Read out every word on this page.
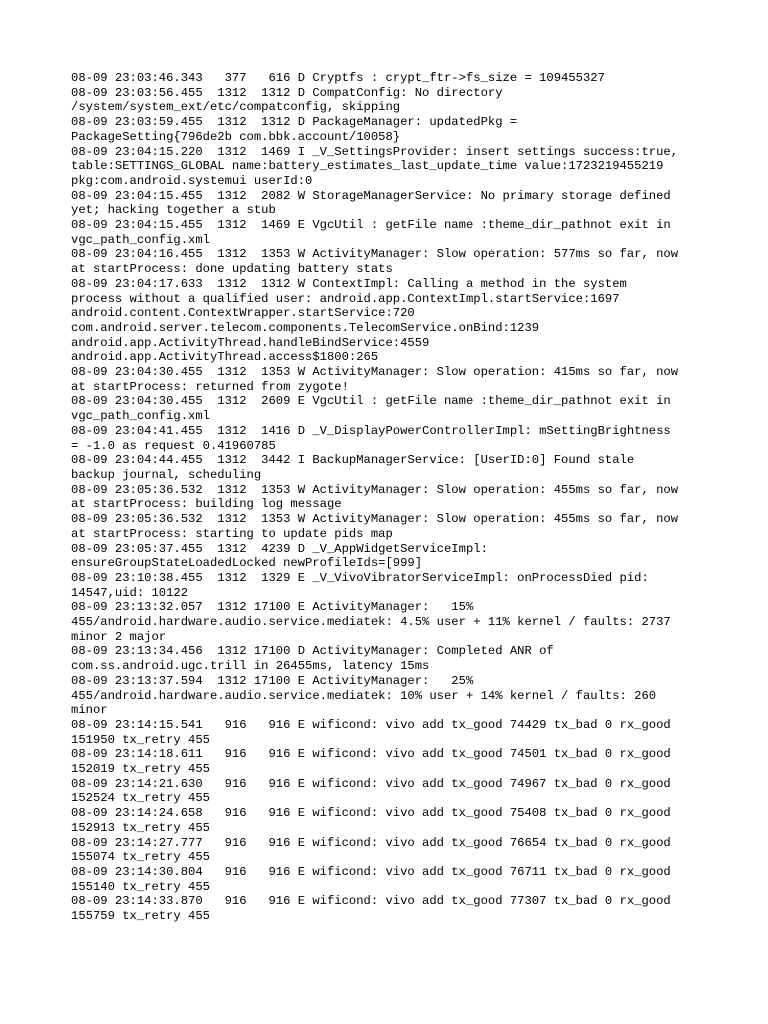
08-09 23:03:46.343   377   616 D Cryptfs : crypt_ftr->fs_size = 109455327
08-09 23:03:56.455  1312  1312 D CompatConfig: No directory
/system/system_ext/etc/compatconfig, skipping
08-09 23:03:59.455  1312  1312 D PackageManager: updatedPkg =
PackageSetting{796de2b com.bbk.account/10058}
08-09 23:04:15.220  1312  1469 I _V_SettingsProvider: insert settings success:true,
table:SETTINGS_GLOBAL name:battery_estimates_last_update_time value:1723219455219
pkg:com.android.systemui userId:0
08-09 23:04:15.455  1312  2082 W StorageManagerService: No primary storage defined
yet; hacking together a stub
08-09 23:04:15.455  1312  1469 E VgcUtil : getFile name :theme_dir_pathnot exit in
vgc_path_config.xml
08-09 23:04:16.455  1312  1353 W ActivityManager: Slow operation: 577ms so far, now
at startProcess: done updating battery stats
08-09 23:04:17.633  1312  1312 W ContextImpl: Calling a method in the system
process without a qualified user: android.app.ContextImpl.startService:1697
android.content.ContextWrapper.startService:720
com.android.server.telecom.components.TelecomService.onBind:1239
android.app.ActivityThread.handleBindService:4559
android.app.ActivityThread.access$1800:265
08-09 23:04:30.455  1312  1353 W ActivityManager: Slow operation: 415ms so far, now
at startProcess: returned from zygote!
08-09 23:04:30.455  1312  2609 E VgcUtil : getFile name :theme_dir_pathnot exit in
vgc_path_config.xml
08-09 23:04:41.455  1312  1416 D _V_DisplayPowerControllerImpl: mSettingBrightness
= -1.0 as request 0.41960785
08-09 23:04:44.455  1312  3442 I BackupManagerService: [UserID:0] Found stale
backup journal, scheduling
08-09 23:05:36.532  1312  1353 W ActivityManager: Slow operation: 455ms so far, now
at startProcess: building log message
08-09 23:05:36.532  1312  1353 W ActivityManager: Slow operation: 455ms so far, now
at startProcess: starting to update pids map
08-09 23:05:37.455  1312  4239 D _V_AppWidgetServiceImpl:
ensureGroupStateLoadedLocked newProfileIds=[999]
08-09 23:10:38.455  1312  1329 E _V_VivoVibratorServiceImpl: onProcessDied pid:
14547,uid: 10122
08-09 23:13:32.057  1312 17100 E ActivityManager:   15%
455/android.hardware.audio.service.mediatek: 4.5% user + 11% kernel / faults: 2737
minor 2 major
08-09 23:13:34.456  1312 17100 D ActivityManager: Completed ANR of
com.ss.android.ugc.trill in 26455ms, latency 15ms
08-09 23:13:37.594  1312 17100 E ActivityManager:   25%
455/android.hardware.audio.service.mediatek: 10% user + 14% kernel / faults: 260
minor
08-09 23:14:15.541   916   916 E wificond: vivo add tx_good 74429 tx_bad 0 rx_good
151950 tx_retry 455
08-09 23:14:18.611   916   916 E wificond: vivo add tx_good 74501 tx_bad 0 rx_good
152019 tx_retry 455
08-09 23:14:21.630   916   916 E wificond: vivo add tx_good 74967 tx_bad 0 rx_good
152524 tx_retry 455
08-09 23:14:24.658   916   916 E wificond: vivo add tx_good 75408 tx_bad 0 rx_good
152913 tx_retry 455
08-09 23:14:27.777   916   916 E wificond: vivo add tx_good 76654 tx_bad 0 rx_good
155074 tx_retry 455
08-09 23:14:30.804   916   916 E wificond: vivo add tx_good 76711 tx_bad 0 rx_good
155140 tx_retry 455
08-09 23:14:33.870   916   916 E wificond: vivo add tx_good 77307 tx_bad 0 rx_good
155759 tx_retry 455
